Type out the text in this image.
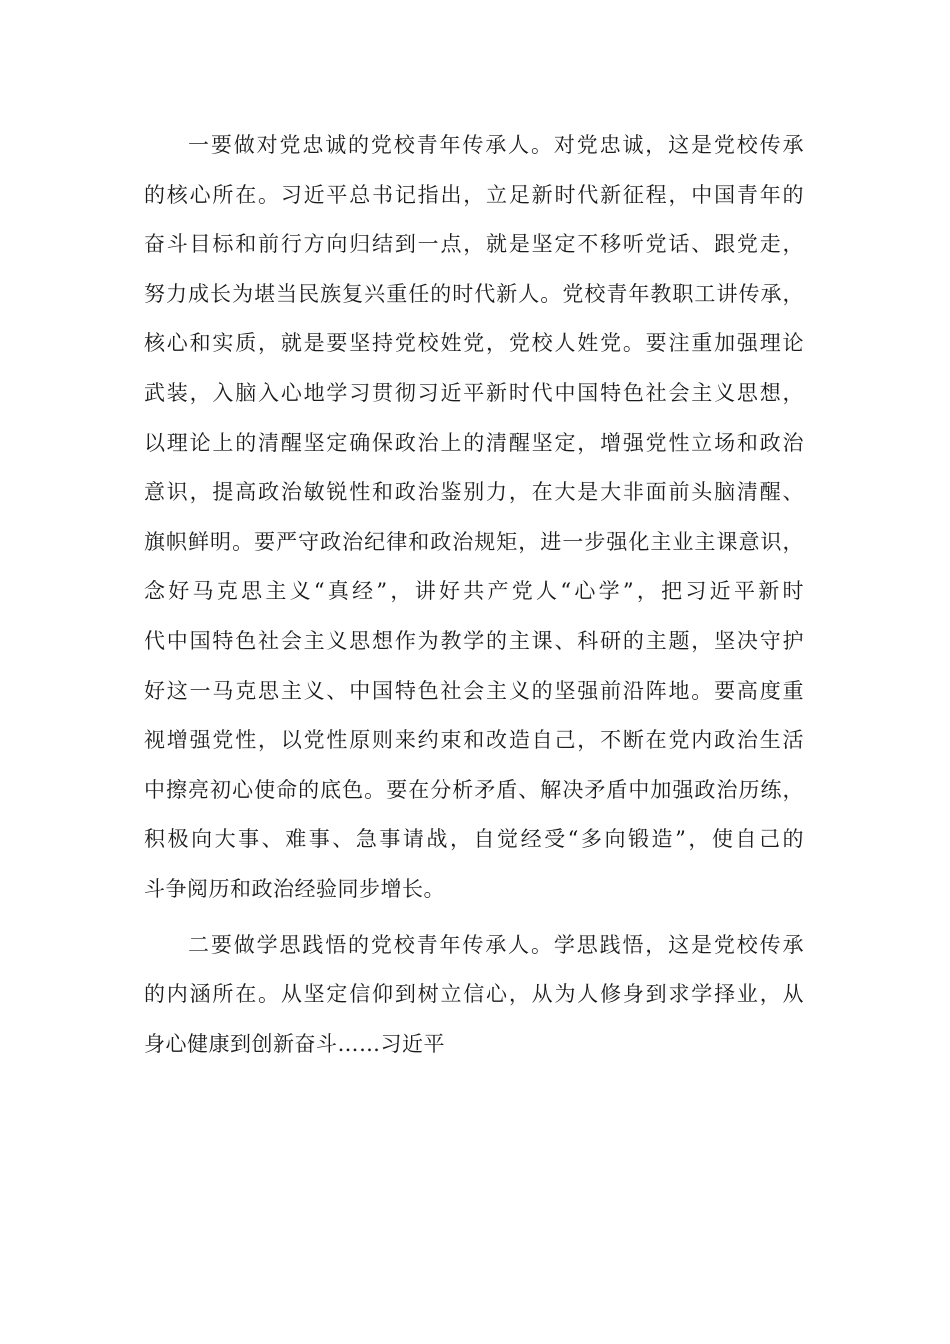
一要做对党忠诚的党校青年传承人。对党忠诚，这是党校传承
的核心所在。习近平总书记指出，立足新时代新征程，中国青年的
奋斗目标和前行方向归结到一点，就是坚定不移听党话、跟党走，
努力成长为堪当民族复兴重任的时代新人。党校青年教职工讲传承，
核心和实质，就是要坚持党校姓党，党校人姓党。要注重加强理论
武装，入脑入心地学习贯彻习近平新时代中国特色社会主义思想，
以理论上的清醒坚定确保政治上的清醒坚定，增强党性立场和政治
意识，提高政治敏锐性和政治鉴别力，在大是大非面前头脑清醒、
旗帜鲜明。要严守政治纪律和政治规矩，进一步强化主业主课意识，
念好马克思主义“真经”，讲好共产党人“心学”，把习近平新时
代中国特色社会主义思想作为教学的主课、科研的主题，坚决守护
好这一马克思主义、中国特色社会主义的坚强前沿阵地。要高度重
视增强党性，以党性原则来约束和改造自己，不断在党内政治生活
中擦亮初心使命的底色。要在分析矛盾、解决矛盾中加强政治历练，
积极向大事、难事、急事请战，自觉经受“多向锻造”，使自己的
斗争阅历和政治经验同步增长。
二要做学思践悟的党校青年传承人。学思践悟，这是党校传承
的内涵所在。从坚定信仰到树立信心，从为人修身到求学择业，从
身心健康到创新奋斗……习近平
